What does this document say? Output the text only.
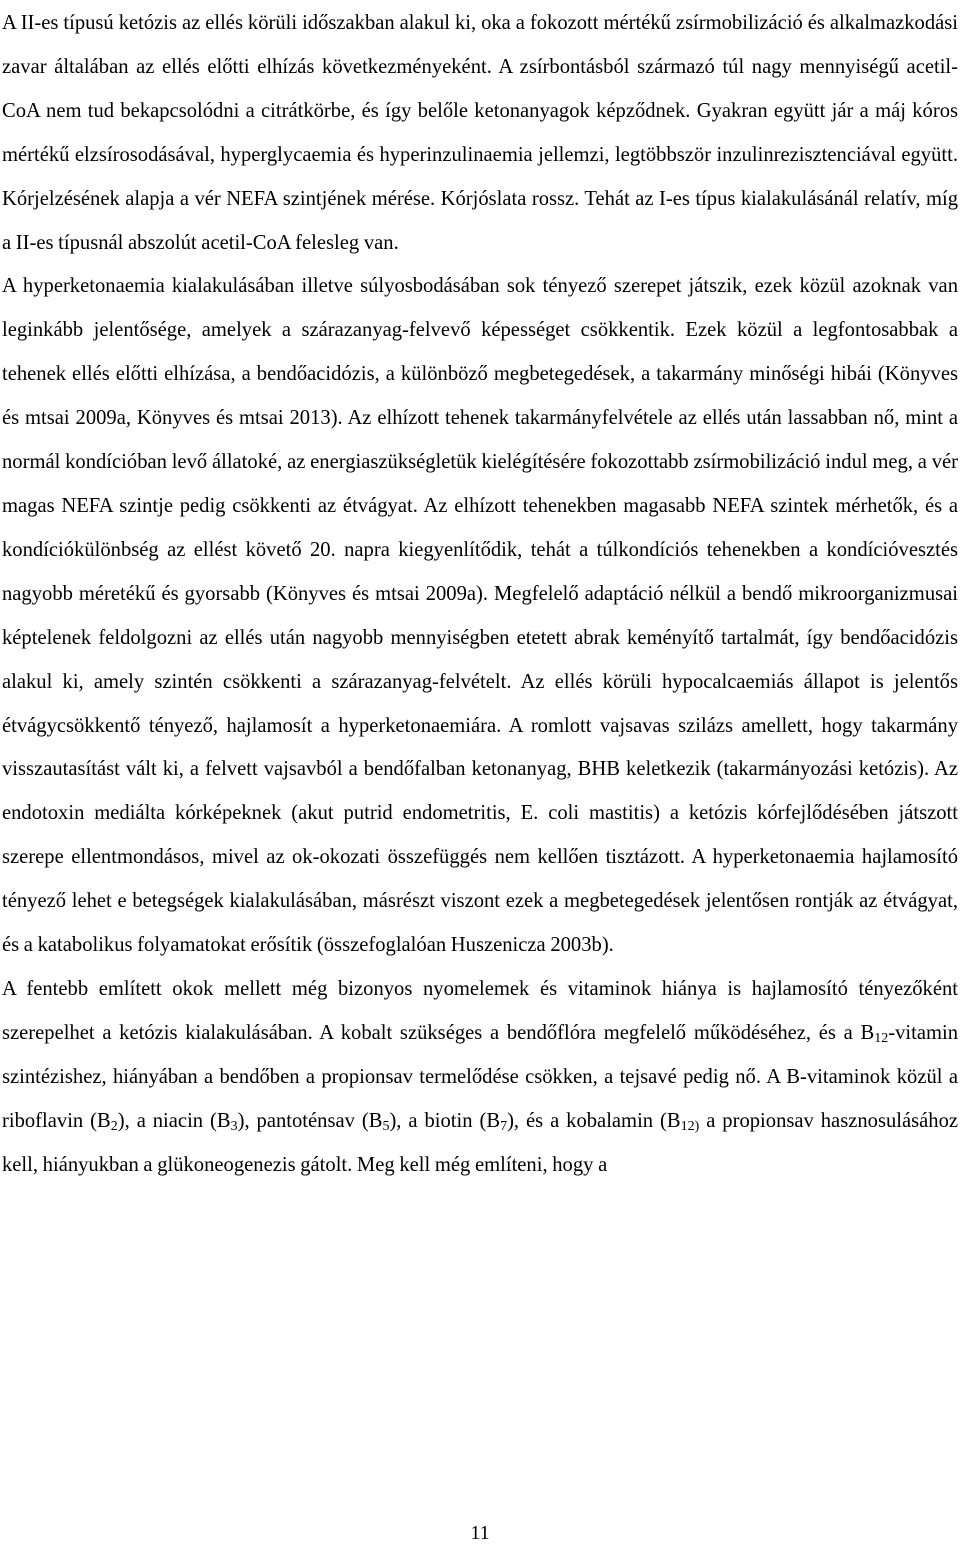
A II-es típusú ketózis az ellés körüli időszakban alakul ki, oka a fokozott mértékű zsírmobilizáció és alkalmazkodási zavar általában az ellés előtti elhízás következményeként. A zsírbontásból származó túl nagy mennyiségű acetil-CoA nem tud bekapcsolódni a citrátkörbe, és így belőle ketonanyagok képződnek. Gyakran együtt jár a máj kóros mértékű elzsírosodásával, hyperglycaemia és hyperinzulinaemia jellemzi, legtöbbször inzulinrezisztenciával együtt. Kórjelzésének alapja a vér NEFA szintjének mérése. Kórjóslata rossz. Tehát az I-es típus kialakulásánál relatív, míg a II-es típusnál abszolút acetil-CoA felesleg van.

A hyperketonaemia kialakulásában illetve súlyosbodásában sok tényező szerepet játszik, ezek közül azoknak van leginkább jelentősége, amelyek a szárazanyag-felvevő képességet csökkentik. Ezek közül a legfontosabbak a tehenek ellés előtti elhízása, a bendőacidózis, a különböző megbetegedések, a takarmány minőségi hibái (Könyves és mtsai 2009a, Könyves és mtsai 2013). Az elhízott tehenek takarmányfelvétele az ellés után lassabban nő, mint a normál kondícióban levő állatoké, az energiaszükségletük kielégítésére fokozottabb zsírmobilizáció indul meg, a vér magas NEFA szintje pedig csökkenti az étvágyat. Az elhízott tehenekben magasabb NEFA szintek mérhetők, és a kondíciókülönbség az ellést követő 20. napra kiegyenlítődik, tehát a túlkondíciós tehenekben a kondícióvesztés nagyobb méretékű és gyorsabb (Könyves és mtsai 2009a). Megfelelő adaptáció nélkül a bendő mikroorganizmusai képtelenek feldolgozni az ellés után nagyobb mennyiségben etetett abrak keményítő tartalmát, így bendőacidózis alakul ki, amely szintén csökkenti a szárazanyag-felvételt. Az ellés körüli hypocalcaemiás állapot is jelentős étvágycsökkentő tényező, hajlamosít a hyperketonaemiára. A romlott vajsavas szilázs amellett, hogy takarmány visszautasítást vált ki, a felvett vajsavból a bendőfalban ketonanyag, BHB keletkezik (takarmányozási ketózis). Az endotoxin mediálta kórképeknek (akut putrid endometritis, E. coli mastitis) a ketózis kórfejlődésében játszott szerepe ellentmondásos, mivel az ok-okozati összefüggés nem kellően tisztázott. A hyperketonaemia hajlamosító tényező lehet e betegségek kialakulásában, másrészt viszont ezek a megbetegedések jelentősen rontják az étvágyat, és a katabolikus folyamatokat erősítik (összefoglalóan Huszenicza 2003b).

A fentebb említett okok mellett még bizonyos nyomelemek és vitaminok hiánya is hajlamosító tényezőként szerepelhet a ketózis kialakulásában. A kobalt szükséges a bendőflóra megfelelő működéséhez, és a $B_{12}$-vitamin szintézishez, hiányában a bendőben a propionsav termelődése csökken, a tejsavé pedig nő. A B-vitaminok közül a riboflavin $(B_2)$, a niacin $(B_3)$, pantoténsav $(B_5)$, a biotin $(B_7)$, és a kobalamin ($B_{12)}$ a propionsav hasznosulásához kell, hiányukban a glükoneogenezis gátolt. Meg kell még említeni, hogy a

11
